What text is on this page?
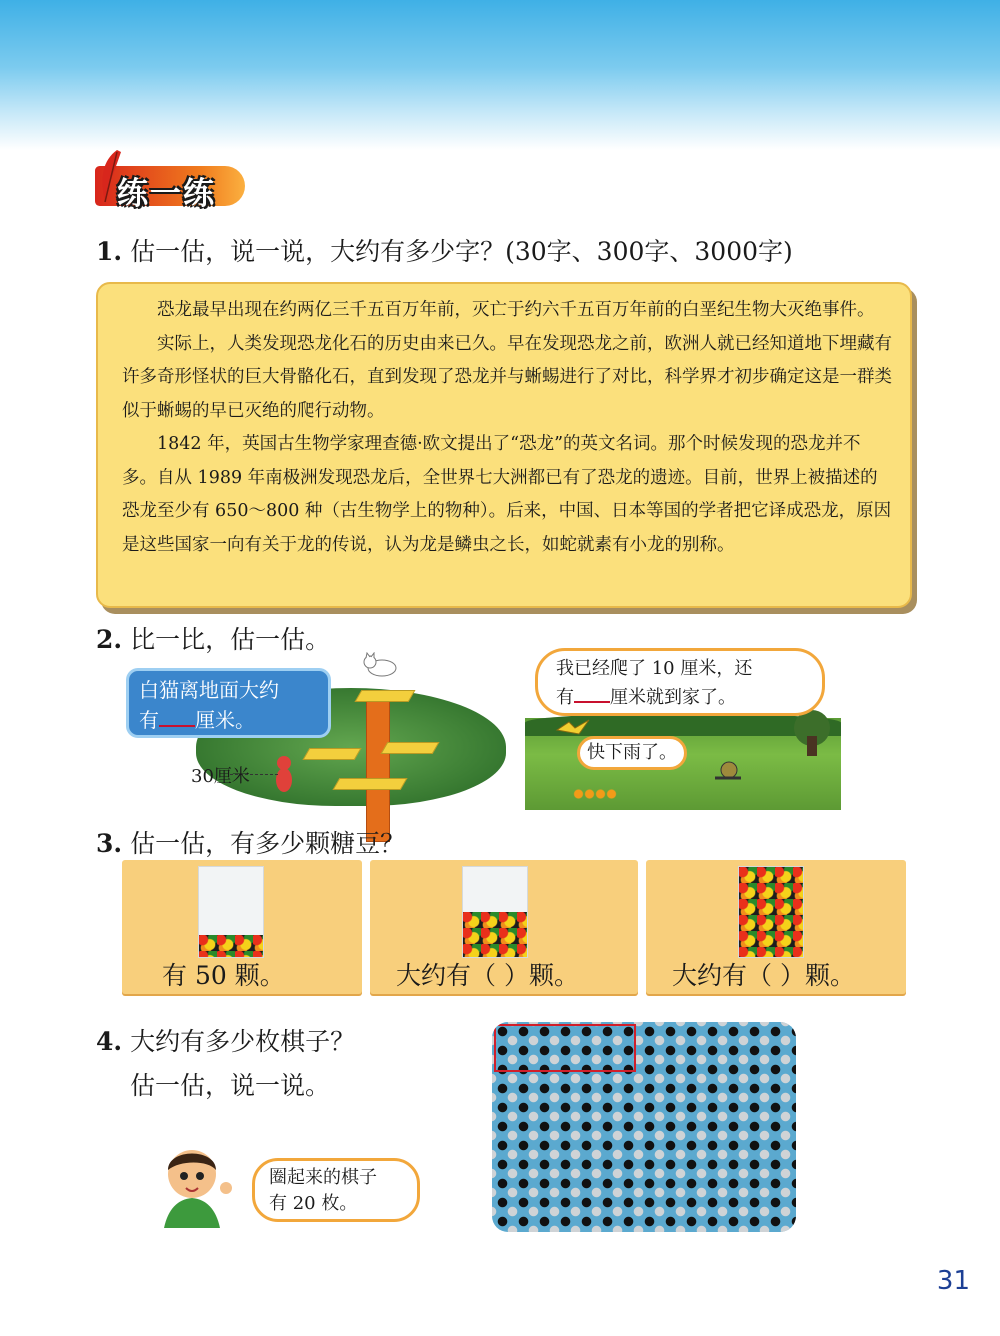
练一练
1. 估一估，说一说，大约有多少字？(30字、300字、3000字)

恐龙最早出现在约两亿三千五百万年前，灭亡于约六千五百万年前的白垩纪生物大灭绝事件。

实际上，人类发现恐龙化石的历史由来已久。早在发现恐龙之前，欧洲人就已经知道地下埋藏有许多奇形怪状的巨大骨骼化石，直到发现了恐龙并与蜥蜴进行了对比，科学界才初步确定这是一群类似于蜥蜴的早已灭绝的爬行动物。

1842 年，英国古生物学家理查德·欧文提出了“恐龙”的英文名词。那个时候发现的恐龙并不多。自从 1989 年南极洲发现恐龙后，全世界七大洲都已有了恐龙的遗迹。目前，世界上被描述的恐龙至少有 650～800 种（古生物学上的物种）。后来，中国、日本等国的学者把它译成恐龙，原因是这些国家一向有关于龙的传说，认为龙是鳞虫之长，如蛇就素有小龙的别称。

2. 比一比，估一估。
30厘米
白猫离地面大约
有 厘米。
我已经爬了 10 厘米，还
有 厘米就到家了。
快下雨了。
3. 估一估，有多少颗糖豆？
有 50 颗。	大约有（ ）颗。	大约有（ ）颗。
4. 大约有多少枚棋子？
估一估，说一说。
圈起来的棋子
有 20 枚。
31
